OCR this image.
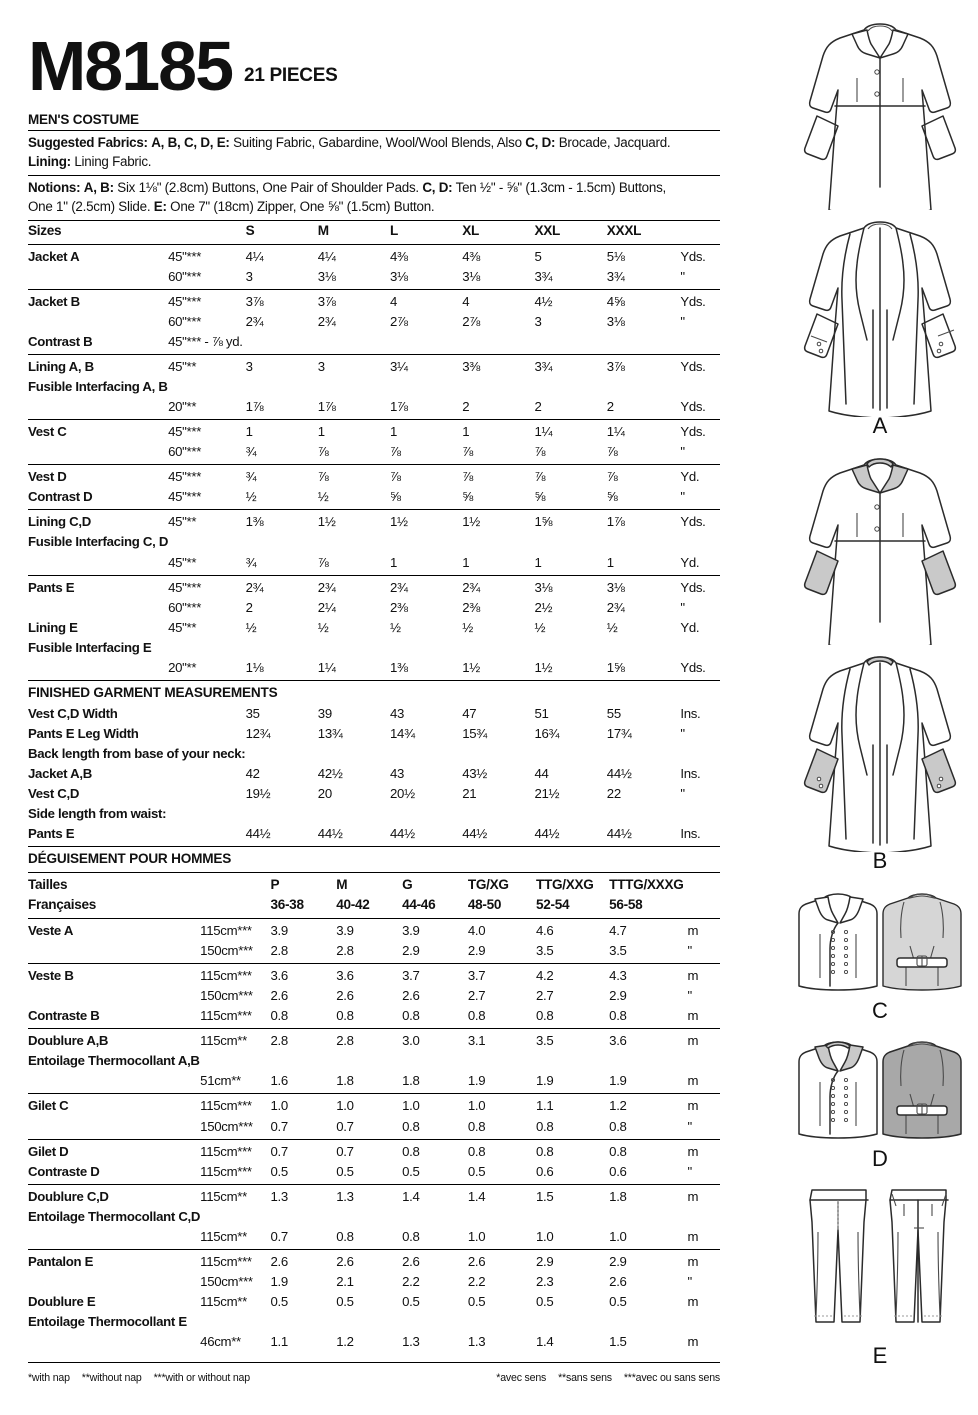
M8185 21 PIECES
MEN'S COSTUME
Suggested Fabrics: A, B, C, D, E: Suiting Fabric, Gabardine, Wool/Wool Blends, Also C, D: Brocade, Jacquard.
Lining: Lining Fabric.
Notions: A, B: Six 1⅛" (2.8cm) Buttons, One Pair of Shoulder Pads. C, D: Ten ½" - ⅝" (1.3cm - 1.5cm) Buttons,
One 1" (2.5cm) Slide. E: One 7" (18cm) Zipper, One ⅝" (1.5cm) Button.
Sizes		S	M	L	XL	XXL	XXXL	

Jacket A	45"***	4¼	4¼	4⅜	4⅜	5	5⅛	Yds.
	60"***	3	3⅛	3⅛	3⅛	3¾	3¾	"

Jacket B	45"***	3⅞	3⅞	4	4	4½	4⅝	Yds.
	60"***	2¾	2¾	2⅞	2⅞	3	3⅛	"
Contrast B	45"*** - ⅞ yd.							

Lining A, B	45"**	3	3	3¼	3⅜	3¾	3⅞	Yds.
Fusible Interfacing A, B								
	20"**	1⅞	1⅞	1⅞	2	2	2	Yds.

Vest C	45"***	1	1	1	1	1¼	1¼	Yds.
	60"***	¾	⅞	⅞	⅞	⅞	⅞	"

Vest D	45"***	¾	⅞	⅞	⅞	⅞	⅞	Yd.
Contrast D	45"***	½	½	⅝	⅝	⅝	⅝	"

Lining C,D	45"**	1⅜	1½	1½	1½	1⅝	1⅞	Yds.
Fusible Interfacing C, D								
	45"**	¾	⅞	1	1	1	1	Yd.

Pants E	45"***	2¾	2¾	2¾	2¾	3⅛	3⅛	Yds.
	60"***	2	2¼	2⅜	2⅜	2½	2¾	"
Lining E	45"**	½	½	½	½	½	½	Yd.
Fusible Interfacing E								
	20"**	1⅛	1¼	1⅜	1½	1½	1⅝	Yds.

FINISHED GARMENT MEASUREMENTS								
Vest C,D Width		35	39	43	47	51	55	Ins.
Pants E Leg Width		12¾	13¾	14¾	15¾	16¾	17¾	"
Back length from base of your neck:								
Jacket A,B		42	42½	43	43½	44	44½	Ins.
Vest C,D		19½	20	20½	21	21½	22	"
Side length from waist:								
Pants E		44½	44½	44½	44½	44½	44½	Ins.

DÉGUISEMENT POUR HOMMES								

Tailles		P	M	G	TG/XG	TTG/XXG	TTTG/XXXG	
Françaises		36-38	40-42	44-46	48-50	52-54	56-58	

Veste A	115cm***	3.9	3.9	3.9	4.0	4.6	4.7	m
	150cm***	2.8	2.8	2.9	2.9	3.5	3.5	"

Veste B	115cm***	3.6	3.6	3.7	3.7	4.2	4.3	m
	150cm***	2.6	2.6	2.6	2.7	2.7	2.9	"
Contraste B	115cm***	0.8	0.8	0.8	0.8	0.8	0.8	m

Doublure A,B	115cm**	2.8	2.8	3.0	3.1	3.5	3.6	m
Entoilage Thermocollant A,B								
	51cm**	1.6	1.8	1.8	1.9	1.9	1.9	m

Gilet C	115cm***	1.0	1.0	1.0	1.0	1.1	1.2	m
	150cm***	0.7	0.7	0.8	0.8	0.8	0.8	"

Gilet D	115cm***	0.7	0.7	0.8	0.8	0.8	0.8	m
Contraste D	115cm***	0.5	0.5	0.5	0.5	0.6	0.6	"

Doublure C,D	115cm**	1.3	1.3	1.4	1.4	1.5	1.8	m
Entoilage Thermocollant C,D								
	115cm**	0.7	0.8	0.8	1.0	1.0	1.0	m

Pantalon E	115cm***	2.6	2.6	2.6	2.6	2.9	2.9	m
	150cm***	1.9	2.1	2.2	2.2	2.3	2.6	"
Doublure E	115cm**	0.5	0.5	0.5	0.5	0.5	0.5	m
Entoilage Thermocollant E								
	46cm**	1.1	1.2	1.3	1.3	1.4	1.5	m
*with nap **without nap ***with or without nap	*avec sens **sans sens ***avec ou sans sens
A
B
C
D
E
